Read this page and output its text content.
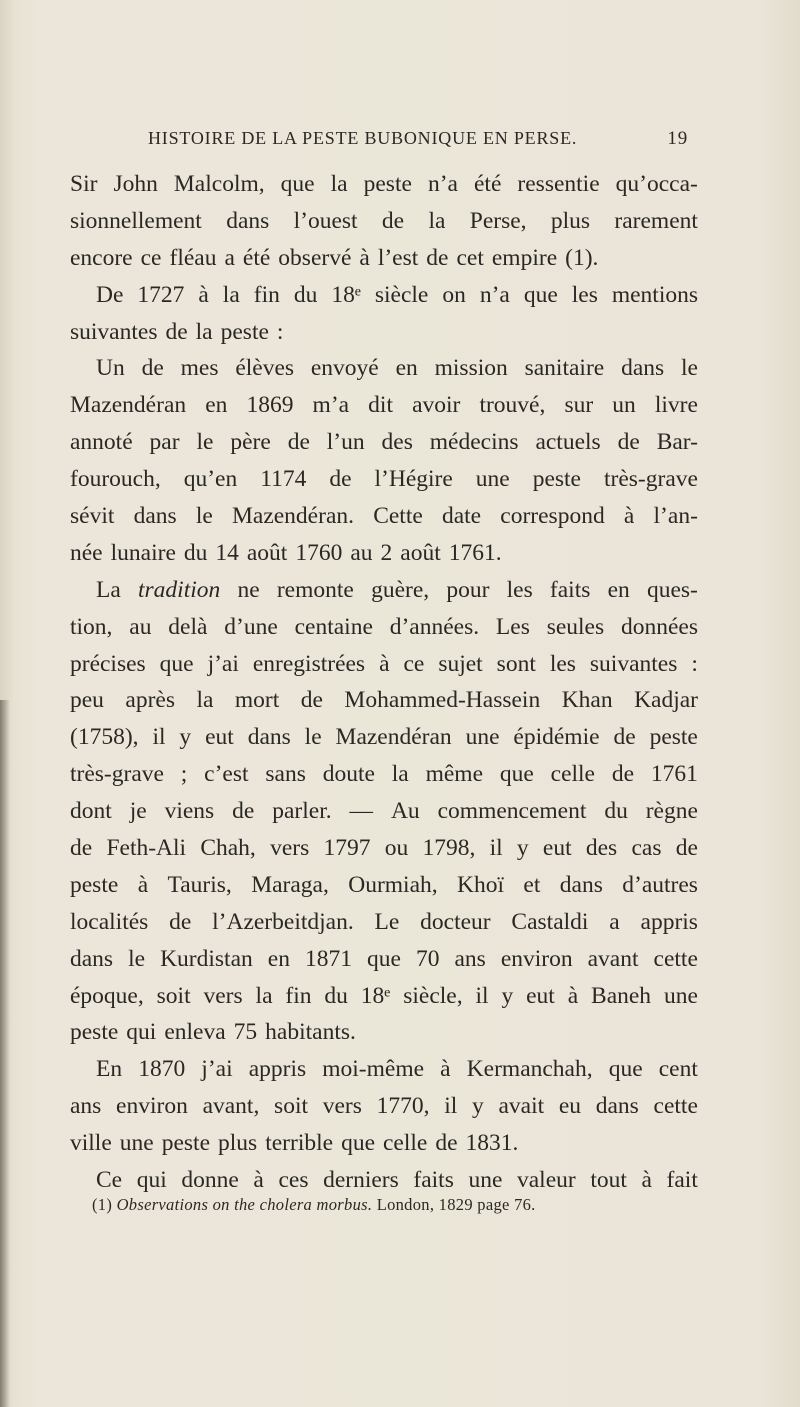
HISTOIRE DE LA PESTE BUBONIQUE EN PERSE.	19
Sir John Malcolm, que la peste n’a été ressentie qu’occa-
sionnellement dans l’ouest de la Perse, plus rarement
encore ce fléau a été observé à l’est de cet empire (1).
De 1727 à la fin du 18ᵉ siècle on n’a que les mentions
suivantes de la peste :
Un de mes élèves envoyé en mission sanitaire dans le
Mazendéran en 1869 m’a dit avoir trouvé, sur un livre
annoté par le père de l’un des médecins actuels de Bar-
fourouch, qu’en 1174 de l’Hégire une peste très-grave
sévit dans le Mazendéran. Cette date correspond à l’an-
née lunaire du 14 août 1760 au 2 août 1761.
La tradition ne remonte guère, pour les faits en ques-
tion, au delà d’une centaine d’années. Les seules données
précises que j’ai enregistrées à ce sujet sont les suivantes :
peu après la mort de Mohammed-Hassein Khan Kadjar
(1758), il y eut dans le Mazendéran une épidémie de peste
très-grave ; c’est sans doute la même que celle de 1761
dont je viens de parler. — Au commencement du règne
de Feth-Ali Chah, vers 1797 ou 1798, il y eut des cas de
peste à Tauris, Maraga, Ourmiah, Khoï et dans d’autres
localités de l’Azerbeitdjan. Le docteur Castaldi a appris
dans le Kurdistan en 1871 que 70 ans environ avant cette
époque, soit vers la fin du 18ᵉ siècle, il y eut à Baneh une
peste qui enleva 75 habitants.
En 1870 j’ai appris moi-même à Kermanchah, que cent
ans environ avant, soit vers 1770, il y avait eu dans cette
ville une peste plus terrible que celle de 1831.
Ce qui donne à ces derniers faits une valeur tout à fait
(1) Observations on the cholera morbus. London, 1829 page 76.
